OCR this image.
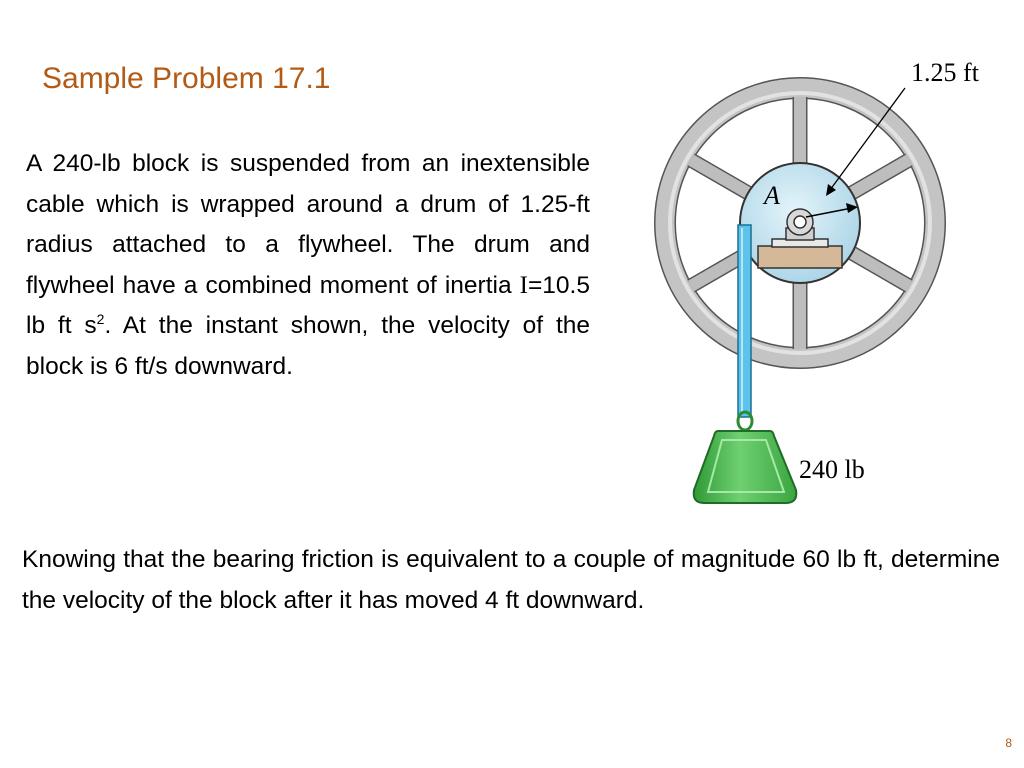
Sample Problem 17.1
A 240-lb block is suspended from an inextensible cable which is wrapped around a drum of 1.25-ft radius attached to a flywheel. The drum and flywheel have a combined moment of inertia I=10.5 lb ft $s^2$. At the instant shown, the velocity of the block is 6 ft/s downward.
1.25 ft
A
240 lb
Knowing that the bearing friction is equivalent to a couple of magnitude 60 lb ft, determine the velocity of the block after it has moved 4 ft downward.
8
